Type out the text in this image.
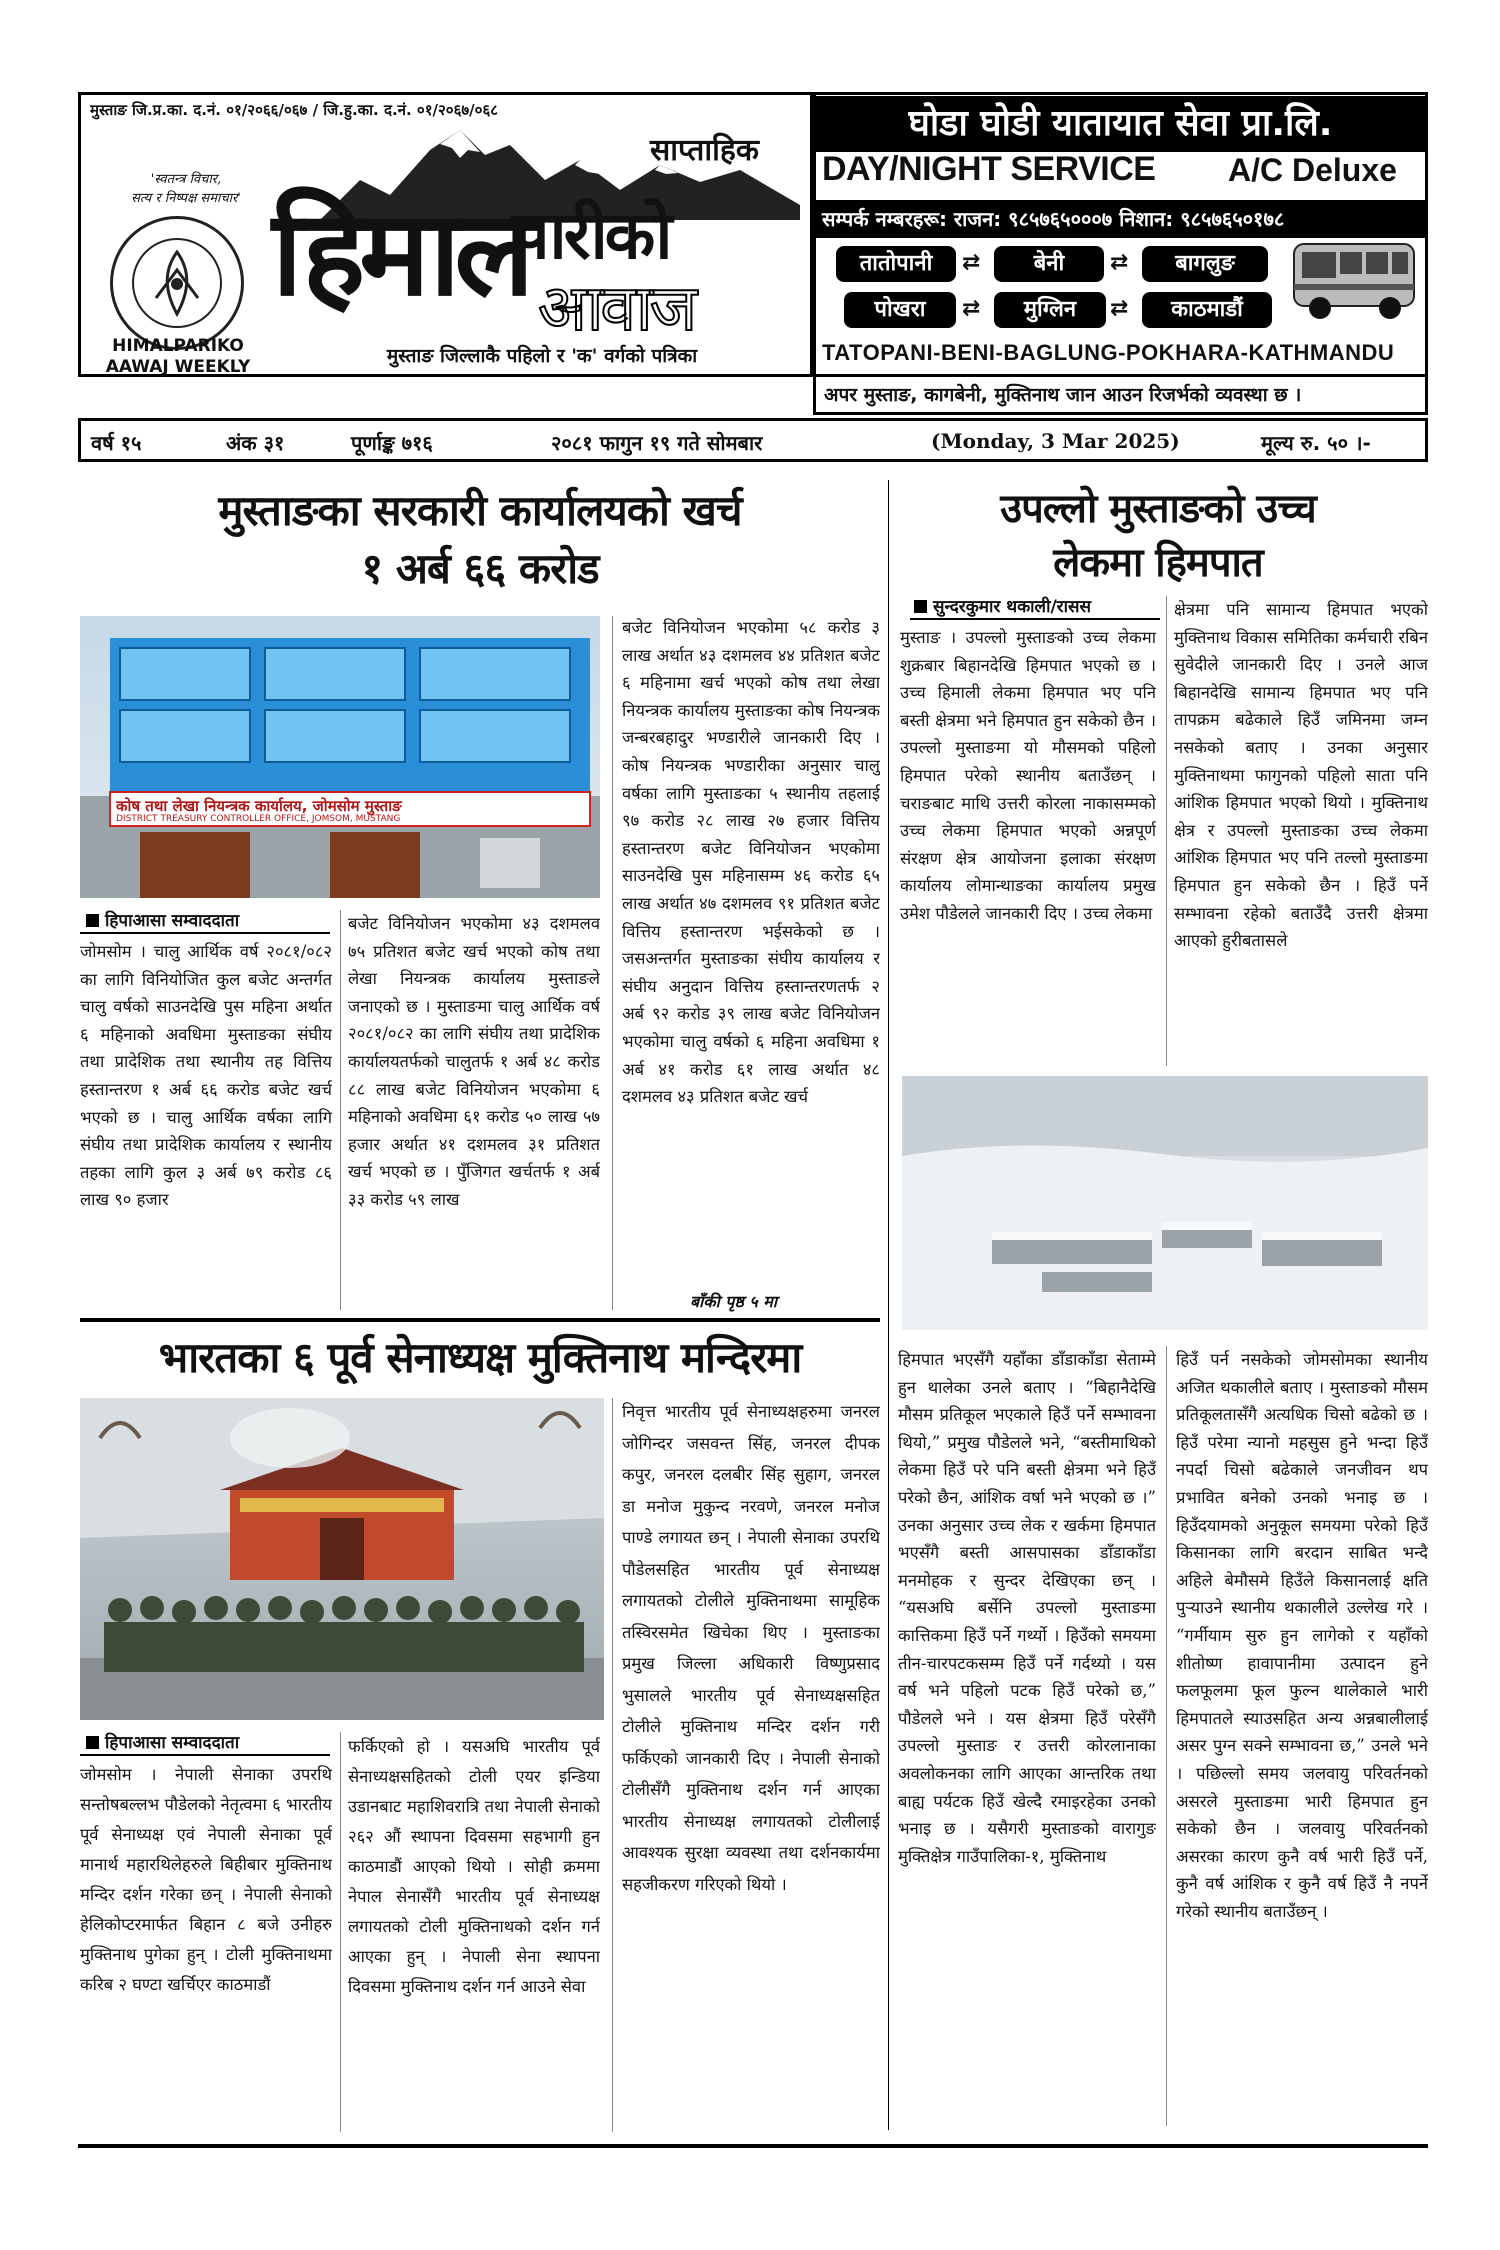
मुस्ताङ जि.प्र.का. द.नं. ०१/२०६६/०६७ / जि.हु.का. द.नं. ०१/२०६७/०६८
'स्वतन्त्र विचार,
सत्य र निष्पक्ष समाचार'
HIMALPARIKO
AAWAJ WEEKLY
साप्ताहिक
हिमाल
पारीको
आवाज
मुस्ताङ जिल्लाकै पहिलो र 'क' वर्गको पत्रिका
घोडा घोडी यातायात सेवा प्रा.लि.
DAY/NIGHT SERVICE A/C Deluxe
सम्पर्क नम्बरहरू: राजन: ९८५७६५०००७ निशान: ९८५७६५०१७८
तातोपानी	⇄	बेनी	⇄	बागलुङ
पोखरा	⇄	मुग्लिन	⇄	काठमाडौं
TATOPANI-BENI-BAGLUNG-POKHARA-KATHMANDU
अपर मुस्ताङ, कागबेनी, मुक्तिनाथ जान आउन रिजर्भको व्यवस्था छ ।
वर्ष १५	अंक ३१	पूर्णाङ्क ७१६	२०८१ फागुन १९ गते सोमबार	(Monday, 3 Mar 2025)	मूल्य रु. ५० ।-
मुस्ताङका सरकारी कार्यालयको खर्च
१ अर्ब ६६ करोड
कोष तथा लेखा नियन्त्रक कार्यालय, जोमसोम मुस्ताङ
DISTRICT TREASURY CONTROLLER OFFICE, JOMSOM, MUSTANG
हिपाआसा सम्वाददाता
जोमसोम । चालु आर्थिक वर्ष २०८१/०८२ का लागि विनियोजित कुल बजेट अन्तर्गत चालु वर्षको साउनदेखि पुस महिना अर्थात ६ महिनाको अवधिमा मुस्ताङका संघीय तथा प्रादेशिक तथा स्थानीय तह वित्तिय हस्तान्तरण १ अर्ब ६६ करोड बजेट खर्च भएको छ । चालु आर्थिक वर्षका लागि संघीय तथा प्रादेशिक कार्यालय र स्थानीय तहका लागि कुल ३ अर्ब ७९ करोड ८६ लाख ९० हजार
बजेट विनियोजन भएकोमा ४३ दशमलव ७५ प्रतिशत बजेट खर्च भएको कोष तथा लेखा नियन्त्रक कार्यालय मुस्ताङले जनाएको छ । मुस्ताङमा चालु आर्थिक वर्ष २०८१/०८२ का लागि संघीय तथा प्रादेशिक कार्यालयतर्फको चालुतर्फ १ अर्ब ४८ करोड ८८ लाख बजेट विनियोजन भएकोमा ६ महिनाको अवधिमा ६१ करोड ५० लाख ५७ हजार अर्थात ४१ दशमलव ३१ प्रतिशत खर्च भएको छ । पुँजिगत खर्चतर्फ १ अर्ब ३३ करोड ५९ लाख
बजेट विनियोजन भएकोमा ५८ करोड ३ लाख अर्थात ४३ दशमलव ४४ प्रतिशत बजेट ६ महिनामा खर्च भएको कोष तथा लेखा नियन्त्रक कार्यालय मुस्ताङका कोष नियन्त्रक जन्बरबहादुर भण्डारीले जानकारी दिए । कोष नियन्त्रक भण्डारीका अनुसार चालु वर्षका लागि मुस्ताङका ५ स्थानीय तहलाई ९७ करोड २८ लाख २७ हजार वित्तिय हस्तान्तरण बजेट विनियोजन भएकोमा साउनदेखि पुस महिनासम्म ४६ करोड ६५ लाख अर्थात ४७ दशमलव ९१ प्रतिशत बजेट वित्तिय हस्तान्तरण भईसकेको छ । जसअन्तर्गत मुस्ताङका संघीय कार्यालय र संघीय अनुदान वित्तिय हस्तान्तरणतर्फ २ अर्ब ९२ करोड ३९ लाख बजेट विनियोजन भएकोमा चालु वर्षको ६ महिना अवधिमा १ अर्ब ४१ करोड ६१ लाख अर्थात ४८ दशमलव ४३ प्रतिशत बजेट खर्च
बाँकी पृष्ठ ५ मा
उपल्लो मुस्ताङको उच्च
लेकमा हिमपात
सुन्दरकुमार थकाली/रासस
मुस्ताङ । उपल्लो मुस्ताङको उच्च लेकमा शुक्रबार बिहानदेखि हिमपात भएको छ । उच्च हिमाली लेकमा हिमपात भए पनि बस्ती क्षेत्रमा भने हिमपात हुन सकेको छैन । उपल्लो मुस्ताङमा यो मौसमको पहिलो हिमपात परेको स्थानीय बताउँछन् । चराङबाट माथि उत्तरी कोरला नाकासम्मको उच्च लेकमा हिमपात भएको अन्नपूर्ण संरक्षण क्षेत्र आयोजना इलाका संरक्षण कार्यालय लोमान्थाङका कार्यालय प्रमुख उमेश पौडेलले जानकारी दिए । उच्च लेकमा
क्षेत्रमा पनि सामान्य हिमपात भएको मुक्तिनाथ विकास समितिका कर्मचारी रबिन सुवेदीले जानकारी दिए । उनले आज बिहानदेखि सामान्य हिमपात भए पनि तापक्रम बढेकाले हिउँ जमिनमा जम्न नसकेको बताए । उनका अनुसार मुक्तिनाथमा फागुनको पहिलो साता पनि आंशिक हिमपात भएको थियो । मुक्तिनाथ क्षेत्र र उपल्लो मुस्ताङका उच्च लेकमा आंशिक हिमपात भए पनि तल्लो मुस्ताङमा हिमपात हुन सकेको छैन । हिउँ पर्ने सम्भावना रहेको बताउँदै उत्तरी क्षेत्रमा आएको हुरीबतासले
हिमपात भएसँगै यहाँका डाँडाकाँडा सेताम्मे हुन थालेका उनले बताए । “बिहानैदेखि मौसम प्रतिकूल भएकाले हिउँ पर्ने सम्भावना थियो,” प्रमुख पौडेलले भने, “बस्तीमाथिको लेकमा हिउँ परे पनि बस्ती क्षेत्रमा भने हिउँ परेको छैन, आंशिक वर्षा भने भएको छ ।” उनका अनुसार उच्च लेक र खर्कमा हिमपात भएसँगै बस्ती आसपासका डाँडाकाँडा मनमोहक र सुन्दर देखिएका छन् । “यसअघि बर्सेनि उपल्लो मुस्ताङमा कात्तिकमा हिउँ पर्ने गर्थ्यो । हिउँको समयमा तीन-चारपटकसम्म हिउँ पर्ने गर्दथ्यो । यस वर्ष भने पहिलो पटक हिउँ परेको छ,” पौडेलले भने । यस क्षेत्रमा हिउँ परेसँगै उपल्लो मुस्ताङ र उत्तरी कोरलानाका अवलोकनका लागि आएका आन्तरिक तथा बाह्य पर्यटक हिउँ खेल्दै रमाइरहेका उनको भनाइ छ । यसैगरी मुस्ताङको वारागुङ मुक्तिक्षेत्र गाउँपालिका-१, मुक्तिनाथ
हिउँ पर्न नसकेको जोमसोमका स्थानीय अजित थकालीले बताए । मुस्ताङको मौसम प्रतिकूलतासँगै अत्यधिक चिसो बढेको छ । हिउँ परेमा न्यानो महसुस हुने भन्दा हिउँ नपर्दा चिसो बढेकाले जनजीवन थप प्रभावित बनेको उनको भनाइ छ । हिउँदयामको अनुकूल समयमा परेको हिउँ किसानका लागि बरदान साबित भन्दै अहिले बेमौसमे हिउँले किसानलाई क्षति पुऱ्याउने स्थानीय थकालीले उल्लेख गरे । “गर्मीयाम सुरु हुन लागेको र यहाँको शीतोष्ण हावापानीमा उत्पादन हुने फलफूलमा फूल फुल्न थालेकाले भारी हिमपातले स्याउसहित अन्य अन्नबालीलाई असर पुग्न सक्ने सम्भावना छ,” उनले भने । पछिल्लो समय जलवायु परिवर्तनको असरले मुस्ताङमा भारी हिमपात हुन सकेको छैन । जलवायु परिवर्तनको असरका कारण कुनै वर्ष भारी हिउँ पर्ने, कुनै वर्ष आंशिक र कुनै वर्ष हिउँ नै नपर्ने गरेको स्थानीय बताउँछन् ।
भारतका ६ पूर्व सेनाध्यक्ष मुक्तिनाथ मन्दिरमा
हिपाआसा सम्वाददाता
जोमसोम । नेपाली सेनाका उपरथि सन्तोषबल्लभ पौडेलको नेतृत्वमा ६ भारतीय पूर्व सेनाध्यक्ष एवं नेपाली सेनाका पूर्व मानार्थ महारथिलेहरुले बिहीबार मुक्तिनाथ मन्दिर दर्शन गरेका छन् । नेपाली सेनाको हेलिकोप्टरमार्फत बिहान ८ बजे उनीहरु मुक्तिनाथ पुगेका हुन् । टोली मुक्तिनाथमा करिब २ घण्टा खर्चिएर काठमाडौं
फर्किएको हो । यसअघि भारतीय पूर्व सेनाध्यक्षसहितको टोली एयर इन्डिया उडानबाट महाशिवरात्रि तथा नेपाली सेनाको २६२ औं स्थापना दिवसमा सहभागी हुन काठमाडौं आएको थियो । सोही क्रममा नेपाल सेनासँगै भारतीय पूर्व सेनाध्यक्ष लगायतको टोली मुक्तिनाथको दर्शन गर्न आएका हुन् । नेपाली सेना स्थापना दिवसमा मुक्तिनाथ दर्शन गर्न आउने सेवा
निवृत्त भारतीय पूर्व सेनाध्यक्षहरुमा जनरल जोगिन्दर जसवन्त सिंह, जनरल दीपक कपुर, जनरल दलबीर सिंह सुहाग, जनरल डा मनोज मुकुन्द नरवणे, जनरल मनोज पाण्डे लगायत छन् । नेपाली सेनाका उपरथि पौडेलसहित भारतीय पूर्व सेनाध्यक्ष लगायतको टोलीले मुक्तिनाथमा सामूहिक तस्विरसमेत खिचेका थिए । मुस्ताङका प्रमुख जिल्ला अधिकारी विष्णुप्रसाद भुसालले भारतीय पूर्व सेनाध्यक्षसहित टोलीले मुक्तिनाथ मन्दिर दर्शन गरी फर्किएको जानकारी दिए । नेपाली सेनाको टोलीसँगै मुक्तिनाथ दर्शन गर्न आएका भारतीय सेनाध्यक्ष लगायतको टोलीलाई आवश्यक सुरक्षा व्यवस्था तथा दर्शनकार्यमा सहजीकरण गरिएको थियो ।
